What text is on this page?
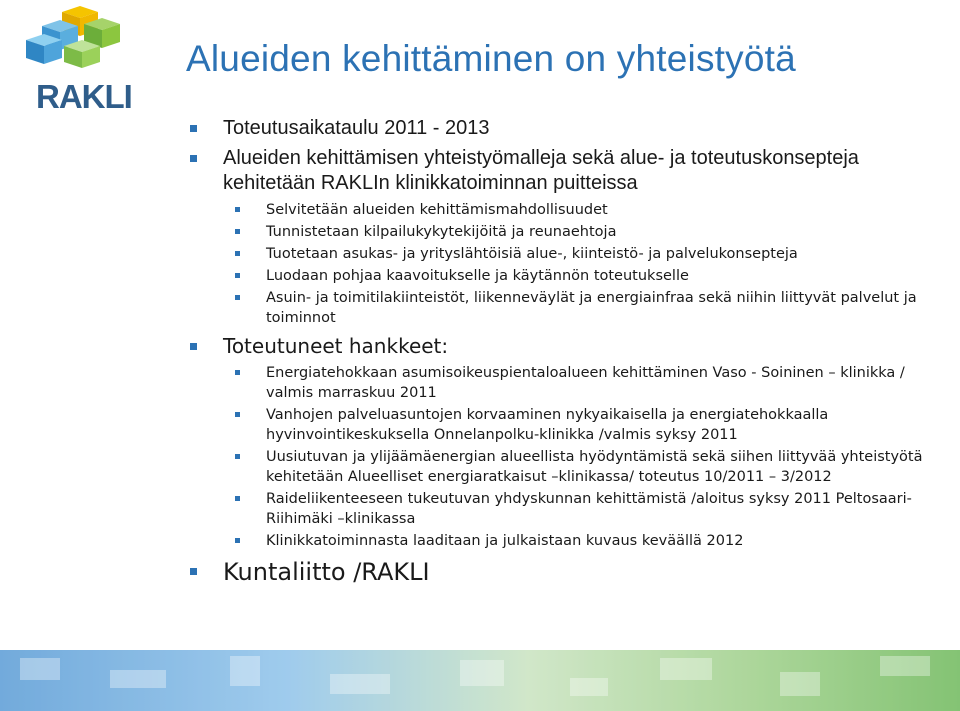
RAKLI
Alueiden kehittäminen on yhteistyötä
Toteutusaikataulu 2011 - 2013
Alueiden kehittämisen yhteistyömalleja sekä alue- ja toteutuskonsepteja kehitetään RAKLIn klinikkatoiminnan puitteissa
Selvitetään alueiden kehittämismahdollisuudet
Tunnistetaan kilpailukykytekijöitä ja reunaehtoja
Tuotetaan asukas- ja yrityslähtöisiä alue-, kiinteistö- ja palvelukonsepteja
Luodaan pohjaa kaavoitukselle ja käytännön toteutukselle
Asuin- ja toimitilakiinteistöt, liikenneväylät ja energiainfraa sekä niihin liittyvät palvelut ja toiminnot
Toteutuneet hankkeet:
Energiatehokkaan asumisoikeuspientaloalueen kehittäminen Vaso - Soininen – klinikka / valmis marraskuu 2011
Vanhojen palveluasuntojen korvaaminen nykyaikaisella ja energiatehokkaalla hyvinvointikeskuksella Onnelanpolku-klinikka /valmis syksy 2011
Uusiutuvan ja ylijäämäenergian alueellista hyödyntämistä sekä siihen liittyvää yhteistyötä kehitetään Alueelliset energiaratkaisut –klinikassa/ toteutus 10/2011 – 3/2012
Raideliikenteeseen tukeutuvan yhdyskunnan kehittämistä /aloitus syksy 2011 Peltosaari-Riihimäki –klinikassa
Klinikkatoiminnasta laaditaan ja julkaistaan kuvaus keväällä 2012
Kuntaliitto /RAKLI
